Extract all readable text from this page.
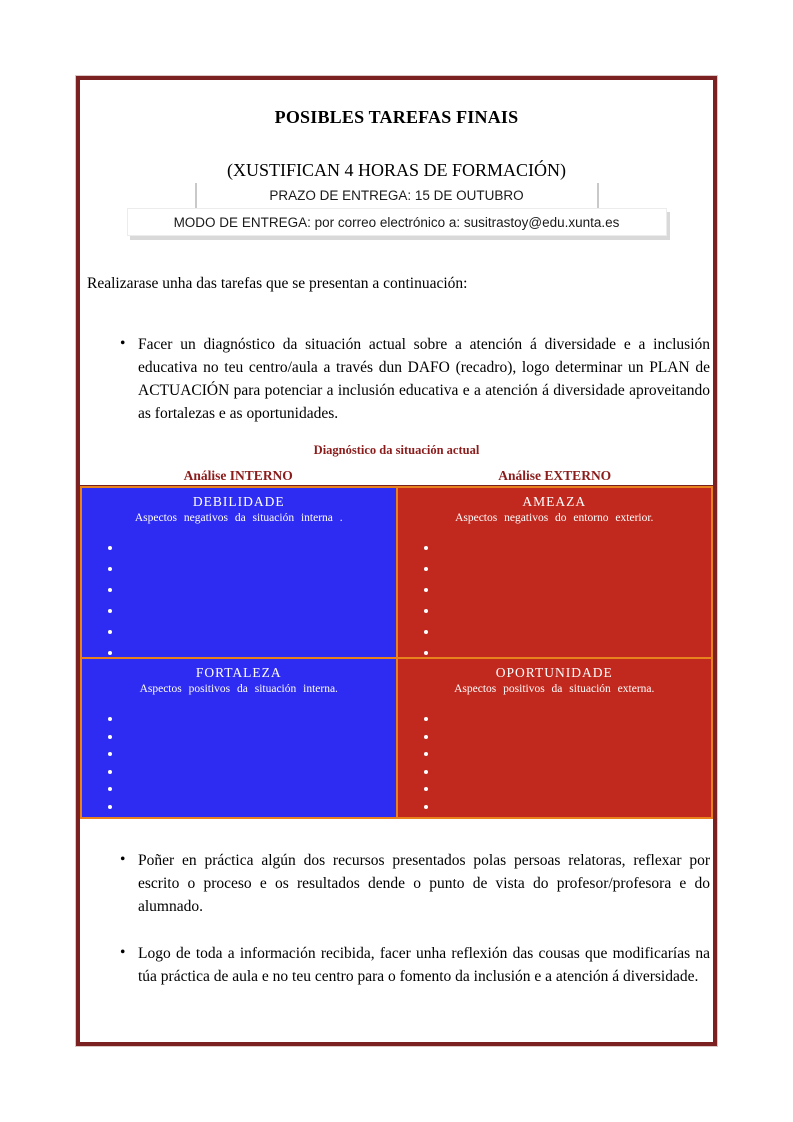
POSIBLES TAREFAS FINAIS
(XUSTIFICAN 4 HORAS DE FORMACIÓN)
PRAZO DE ENTREGA: 15 DE OUTUBRO
MODO DE ENTREGA: por correo electrónico a: susitrastoy@edu.xunta.es

Realizarase unha das tarefas que se presentan a continuación:

• Facer un diagnóstico da situación actual sobre a atención á diversidade e a inclusión educativa no teu centro/aula a través dun DAFO (recadro), logo determinar un PLAN de ACTUACIÓN para potenciar a inclusión educativa e a atención á diversidade aproveitando as fortalezas e as oportunidades.
Diagnóstico da situación actual
Análise INTERNO	Análise EXTERNO
DEBILIDADE
Aspectos negativos da situación interna .
AMEAZA
Aspectos negativos do entorno exterior.
FORTALEZA
Aspectos positivos da situación interna.
OPORTUNIDADE
Aspectos positivos da situación externa.
• Poñer en práctica algún dos recursos presentados polas persoas relatoras, reflexar por escrito o proceso e os resultados dende o punto de vista do profesor/profesora e do alumnado.
• Logo de toda a información recibida, facer unha reflexión das cousas que modificarías na túa práctica de aula e no teu centro para o fomento da inclusión e a atención á diversidade.
